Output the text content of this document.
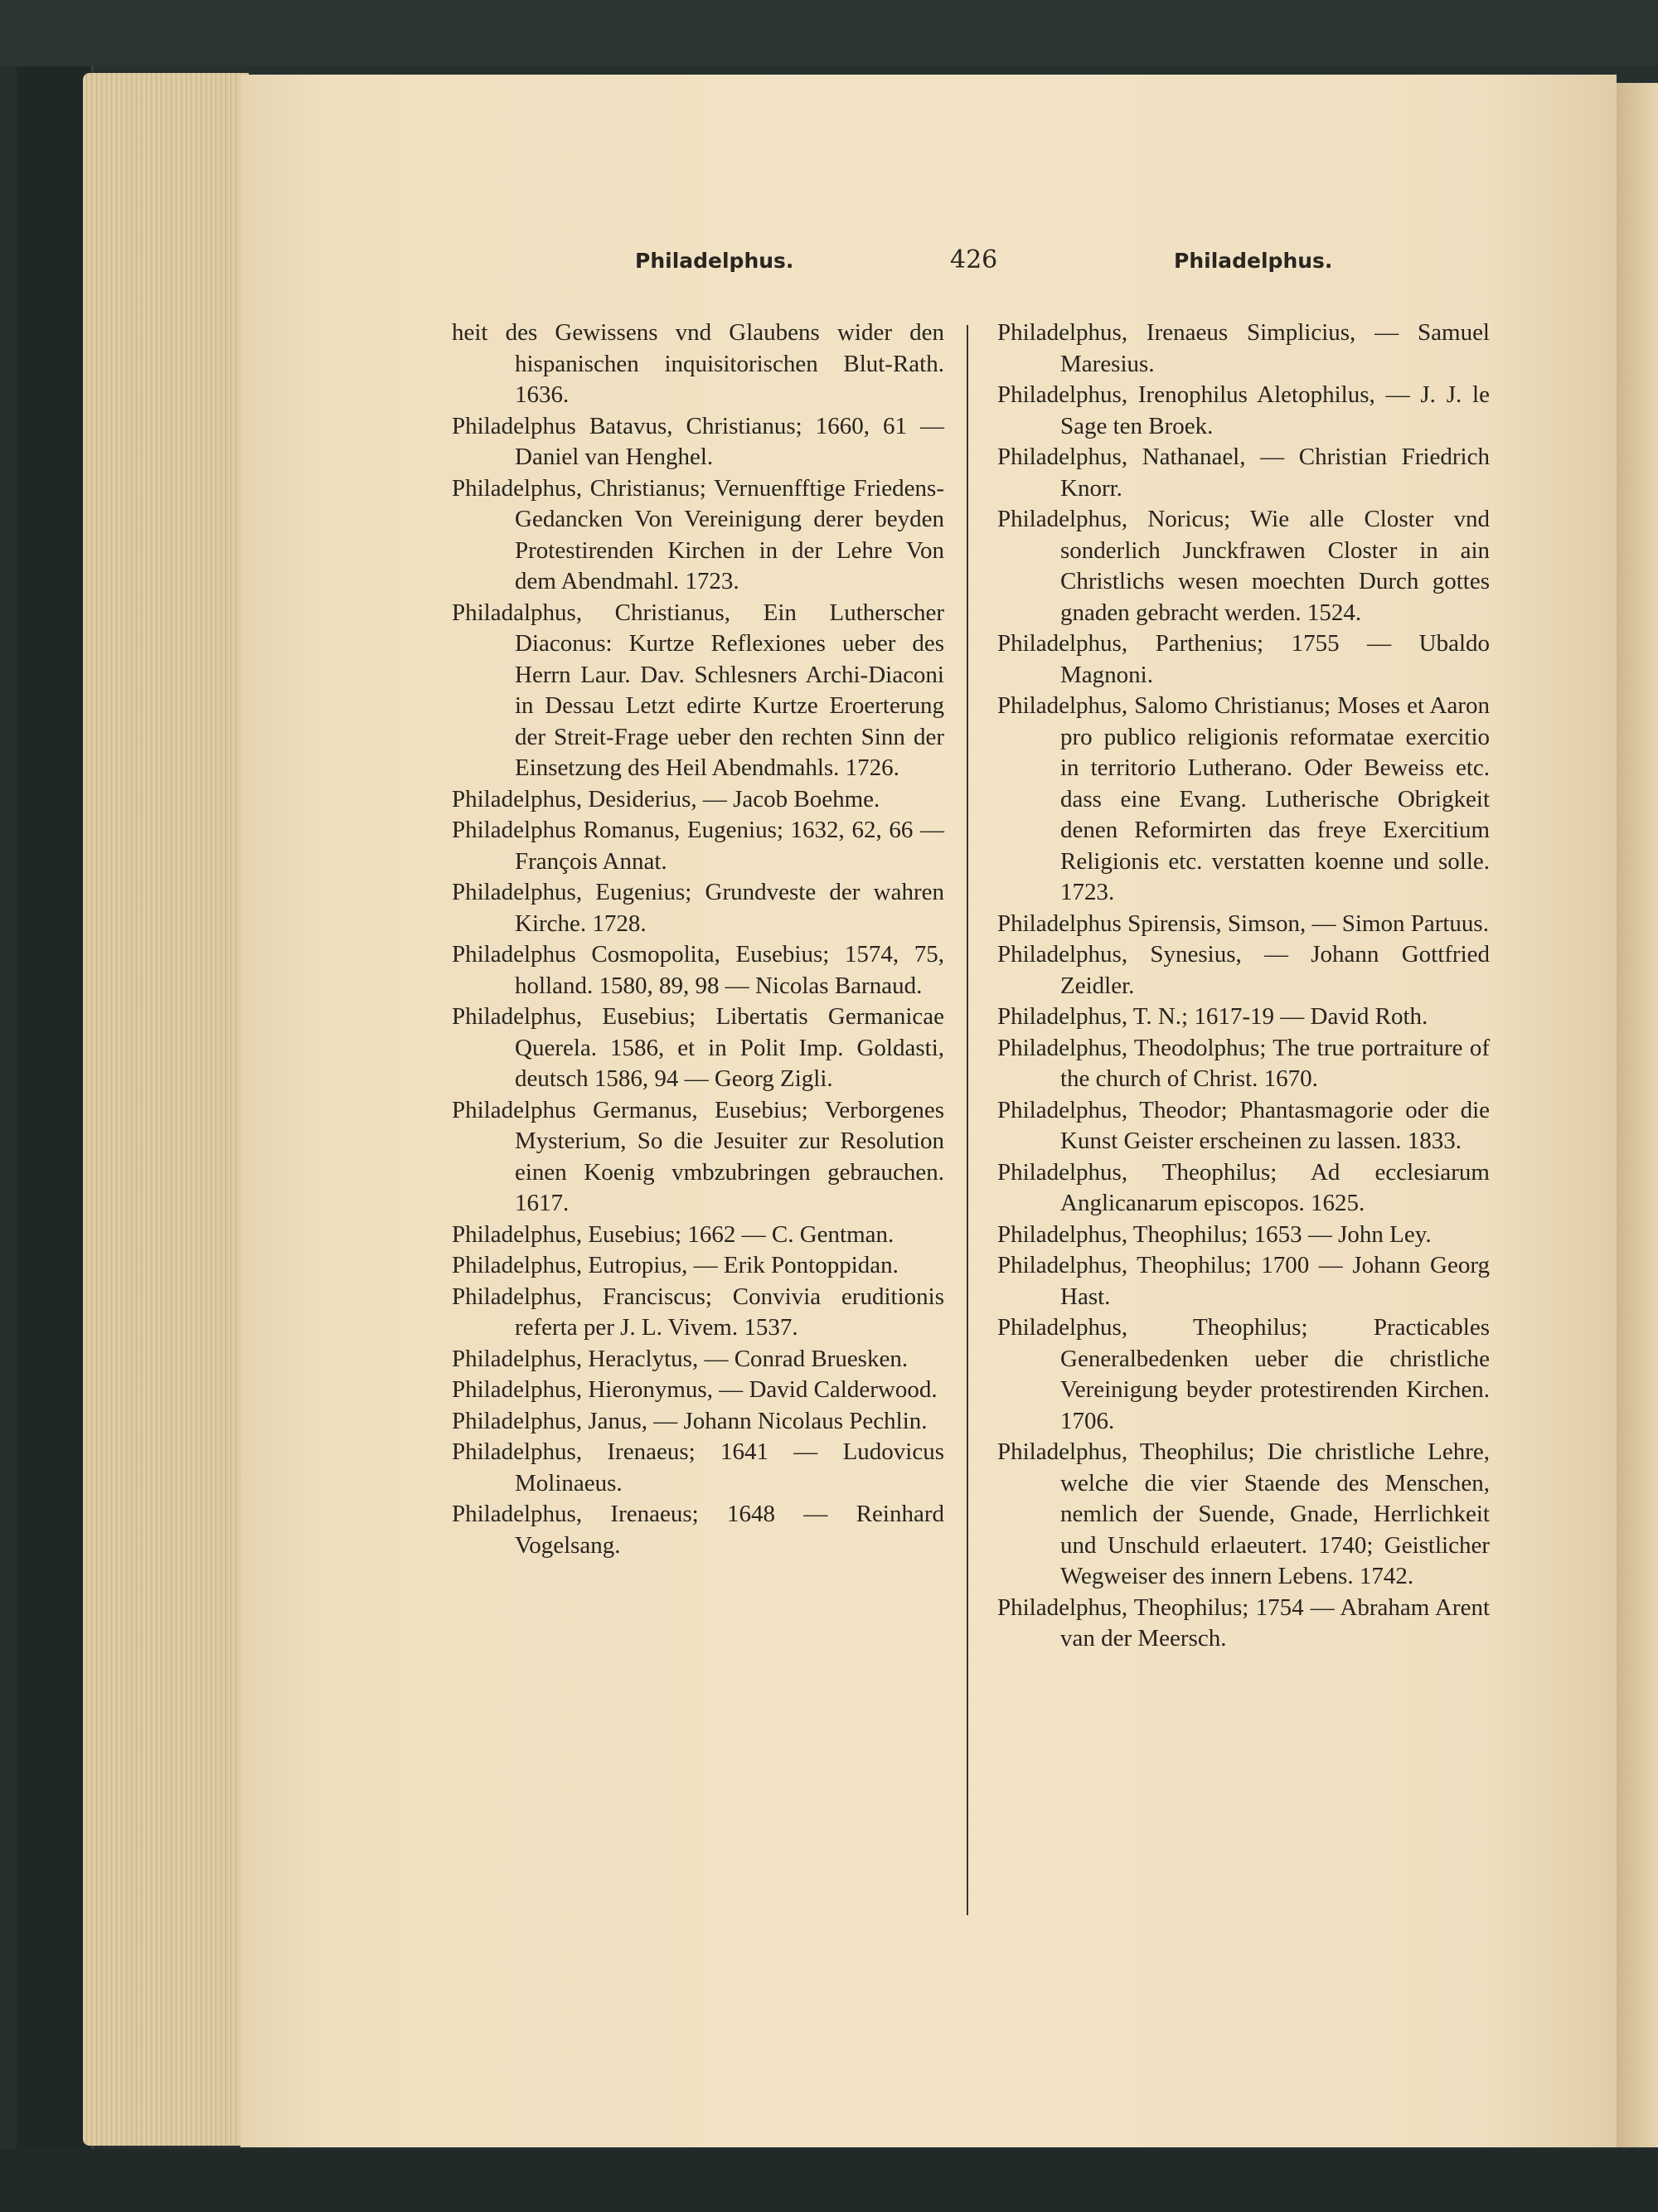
Philadelphus.	426	Philadelphus.
heit des Gewissens vnd Glaubens wider den hispanischen inquisitorischen Blut-Rath. 1636.
Philadelphus Batavus, Christianus; 1660, 61 — Daniel van Henghel.
Philadelphus, Christianus; Vernuenfftige Friedens-Gedancken Von Vereinigung derer beyden Protestirenden Kirchen in der Lehre Von dem Abendmahl. 1723.
Philadalphus, Christianus, Ein Lutherscher Diaconus: Kurtze Reflexiones ueber des Herrn Laur. Dav. Schlesners Archi-Diaconi in Dessau Letzt edirte Kurtze Eroerterung der Streit-Frage ueber den rechten Sinn der Einsetzung des Heil Abendmahls. 1726.
Philadelphus, Desiderius, — Jacob Boehme.
Philadelphus Romanus, Eugenius; 1632, 62, 66 — François Annat.
Philadelphus, Eugenius; Grundveste der wahren Kirche. 1728.
Philadelphus Cosmopolita, Eusebius; 1574, 75, holland. 1580, 89, 98 — Nicolas Barnaud.
Philadelphus, Eusebius; Libertatis Germanicae Querela. 1586, et in Polit Imp. Goldasti, deutsch 1586, 94 — Georg Zigli.
Philadelphus Germanus, Eusebius; Verborgenes Mysterium, So die Jesuiter zur Resolution einen Koenig vmbzubringen gebrauchen. 1617.
Philadelphus, Eusebius; 1662 — C. Gentman.
Philadelphus, Eutropius, — Erik Pontoppidan.
Philadelphus, Franciscus; Convivia eruditionis referta per J. L. Vivem. 1537.
Philadelphus, Heraclytus, — Conrad Bruesken.
Philadelphus, Hieronymus, — David Calderwood.
Philadelphus, Janus, — Johann Nicolaus Pechlin.
Philadelphus, Irenaeus; 1641 — Ludovicus Molinaeus.
Philadelphus, Irenaeus; 1648 — Reinhard Vogelsang.
Philadelphus, Irenaeus Simplicius, — Samuel Maresius.
Philadelphus, Irenophilus Aletophilus, — J. J. le Sage ten Broek.
Philadelphus, Nathanael, — Christian Friedrich Knorr.
Philadelphus, Noricus; Wie alle Closter vnd sonderlich Junckfrawen Closter in ain Christlichs wesen moechten Durch gottes gnaden gebracht werden. 1524.
Philadelphus, Parthenius; 1755 — Ubaldo Magnoni.
Philadelphus, Salomo Christianus; Moses et Aaron pro publico religionis reformatae exercitio in territorio Lutherano. Oder Beweiss etc. dass eine Evang. Lutherische Obrigkeit denen Reformirten das freye Exercitium Religionis etc. verstatten koenne und solle. 1723.
Philadelphus Spirensis, Simson, — Simon Partuus.
Philadelphus, Synesius, — Johann Gottfried Zeidler.
Philadelphus, T. N.; 1617-19 — David Roth.
Philadelphus, Theodolphus; The true portraiture of the church of Christ. 1670.
Philadelphus, Theodor; Phantasmagorie oder die Kunst Geister erscheinen zu lassen. 1833.
Philadelphus, Theophilus; Ad ecclesiarum Anglicanarum episcopos. 1625.
Philadelphus, Theophilus; 1653 — John Ley.
Philadelphus, Theophilus; 1700 — Johann Georg Hast.
Philadelphus, Theophilus; Practicables Generalbedenken ueber die christliche Vereinigung beyder protestirenden Kirchen. 1706.
Philadelphus, Theophilus; Die christliche Lehre, welche die vier Staende des Menschen, nemlich der Suende, Gnade, Herrlichkeit und Unschuld erlaeutert. 1740; Geistlicher Wegweiser des innern Lebens. 1742.
Philadelphus, Theophilus; 1754 — Abraham Arent van der Meersch.
